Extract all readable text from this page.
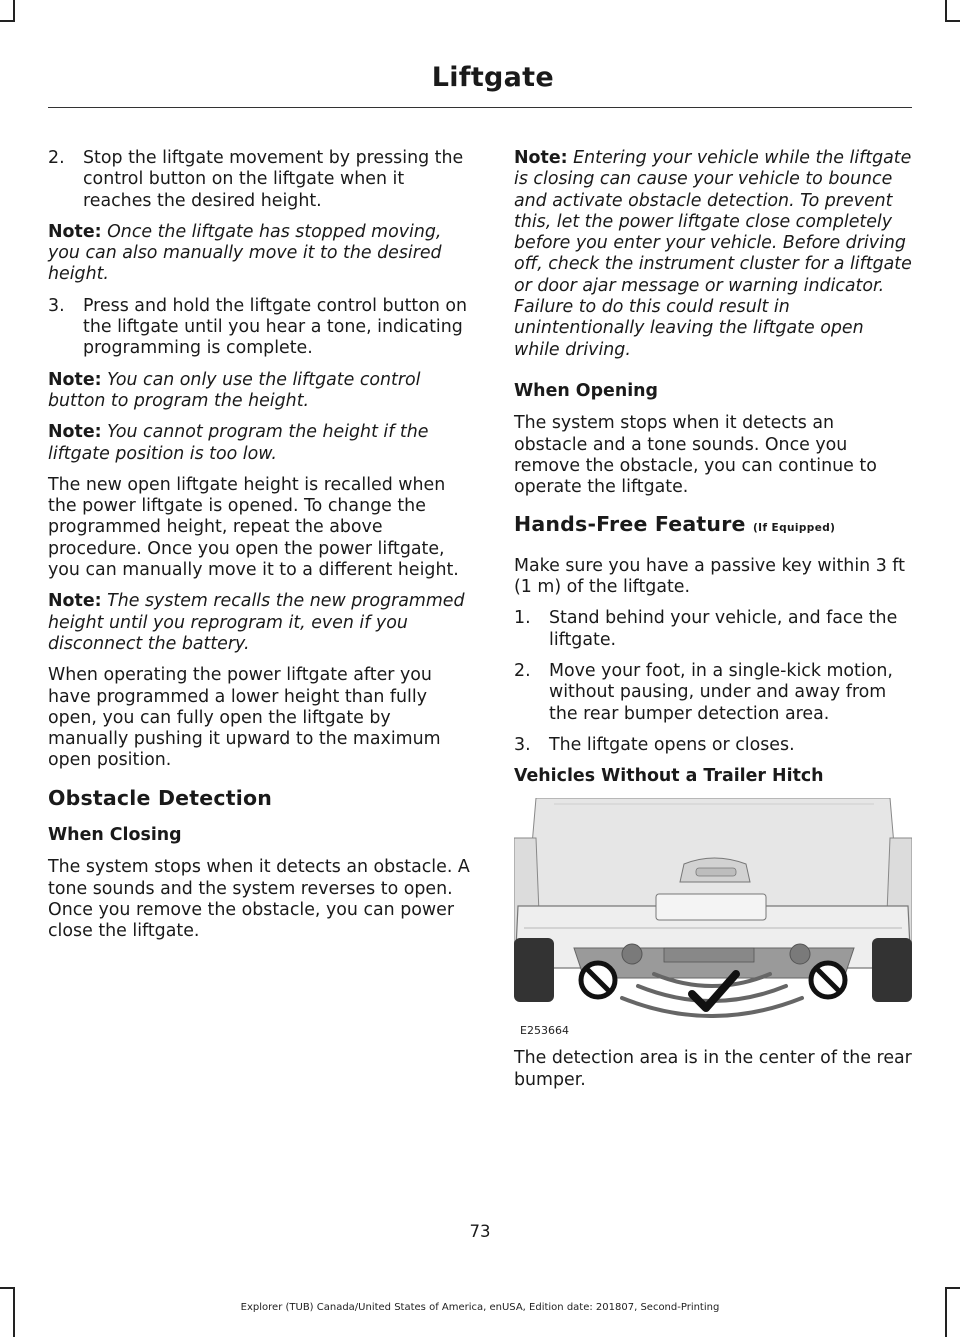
Liftgate
2.	Stop the liftgate movement by pressing the control button on the liftgate when it reaches the desired height.

Note: Once the liftgate has stopped moving, you can also manually move it to the desired height.

3.	Press and hold the liftgate control button on the liftgate until you hear a tone, indicating programming is complete.

Note: You can only use the liftgate control button to program the height.

Note: You cannot program the height if the liftgate position is too low.

The new open liftgate height is recalled when the power liftgate is opened. To change the programmed height, repeat the above procedure. Once you open the power liftgate, you can manually move it to a different height.

Note: The system recalls the new programmed height until you reprogram it, even if you disconnect the battery.

When operating the power liftgate after you have programmed a lower height than fully open, you can fully open the liftgate by manually pushing it upward to the maximum open position.

Obstacle Detection
When Closing

The system stops when it detects an obstacle. A tone sounds and the system reverses to open. Once you remove the obstacle, you can power close the liftgate.

Note: Entering your vehicle while the liftgate is closing can cause your vehicle to bounce and activate obstacle detection. To prevent this, let the power liftgate close completely before you enter your vehicle. Before driving off, check the instrument cluster for a liftgate or door ajar message or warning indicator. Failure to do this could result in unintentionally leaving the liftgate open while driving.

When Opening

The system stops when it detects an obstacle and a tone sounds. Once you remove the obstacle, you can continue to operate the liftgate.

Hands-Free Feature (If Equipped)

Make sure you have a passive key within 3 ft (1 m) of the liftgate.

1.	Stand behind your vehicle, and face the liftgate.
2.	Move your foot, in a single-kick motion, without pausing, under and away from the rear bumper detection area.
3.	The liftgate opens or closes.
Vehicles Without a Trailer Hitch
E253664

The detection area is in the center of the rear bumper.

73
Explorer (TUB) Canada/United States of America, enUSA, Edition date: 201807, Second-Printing
